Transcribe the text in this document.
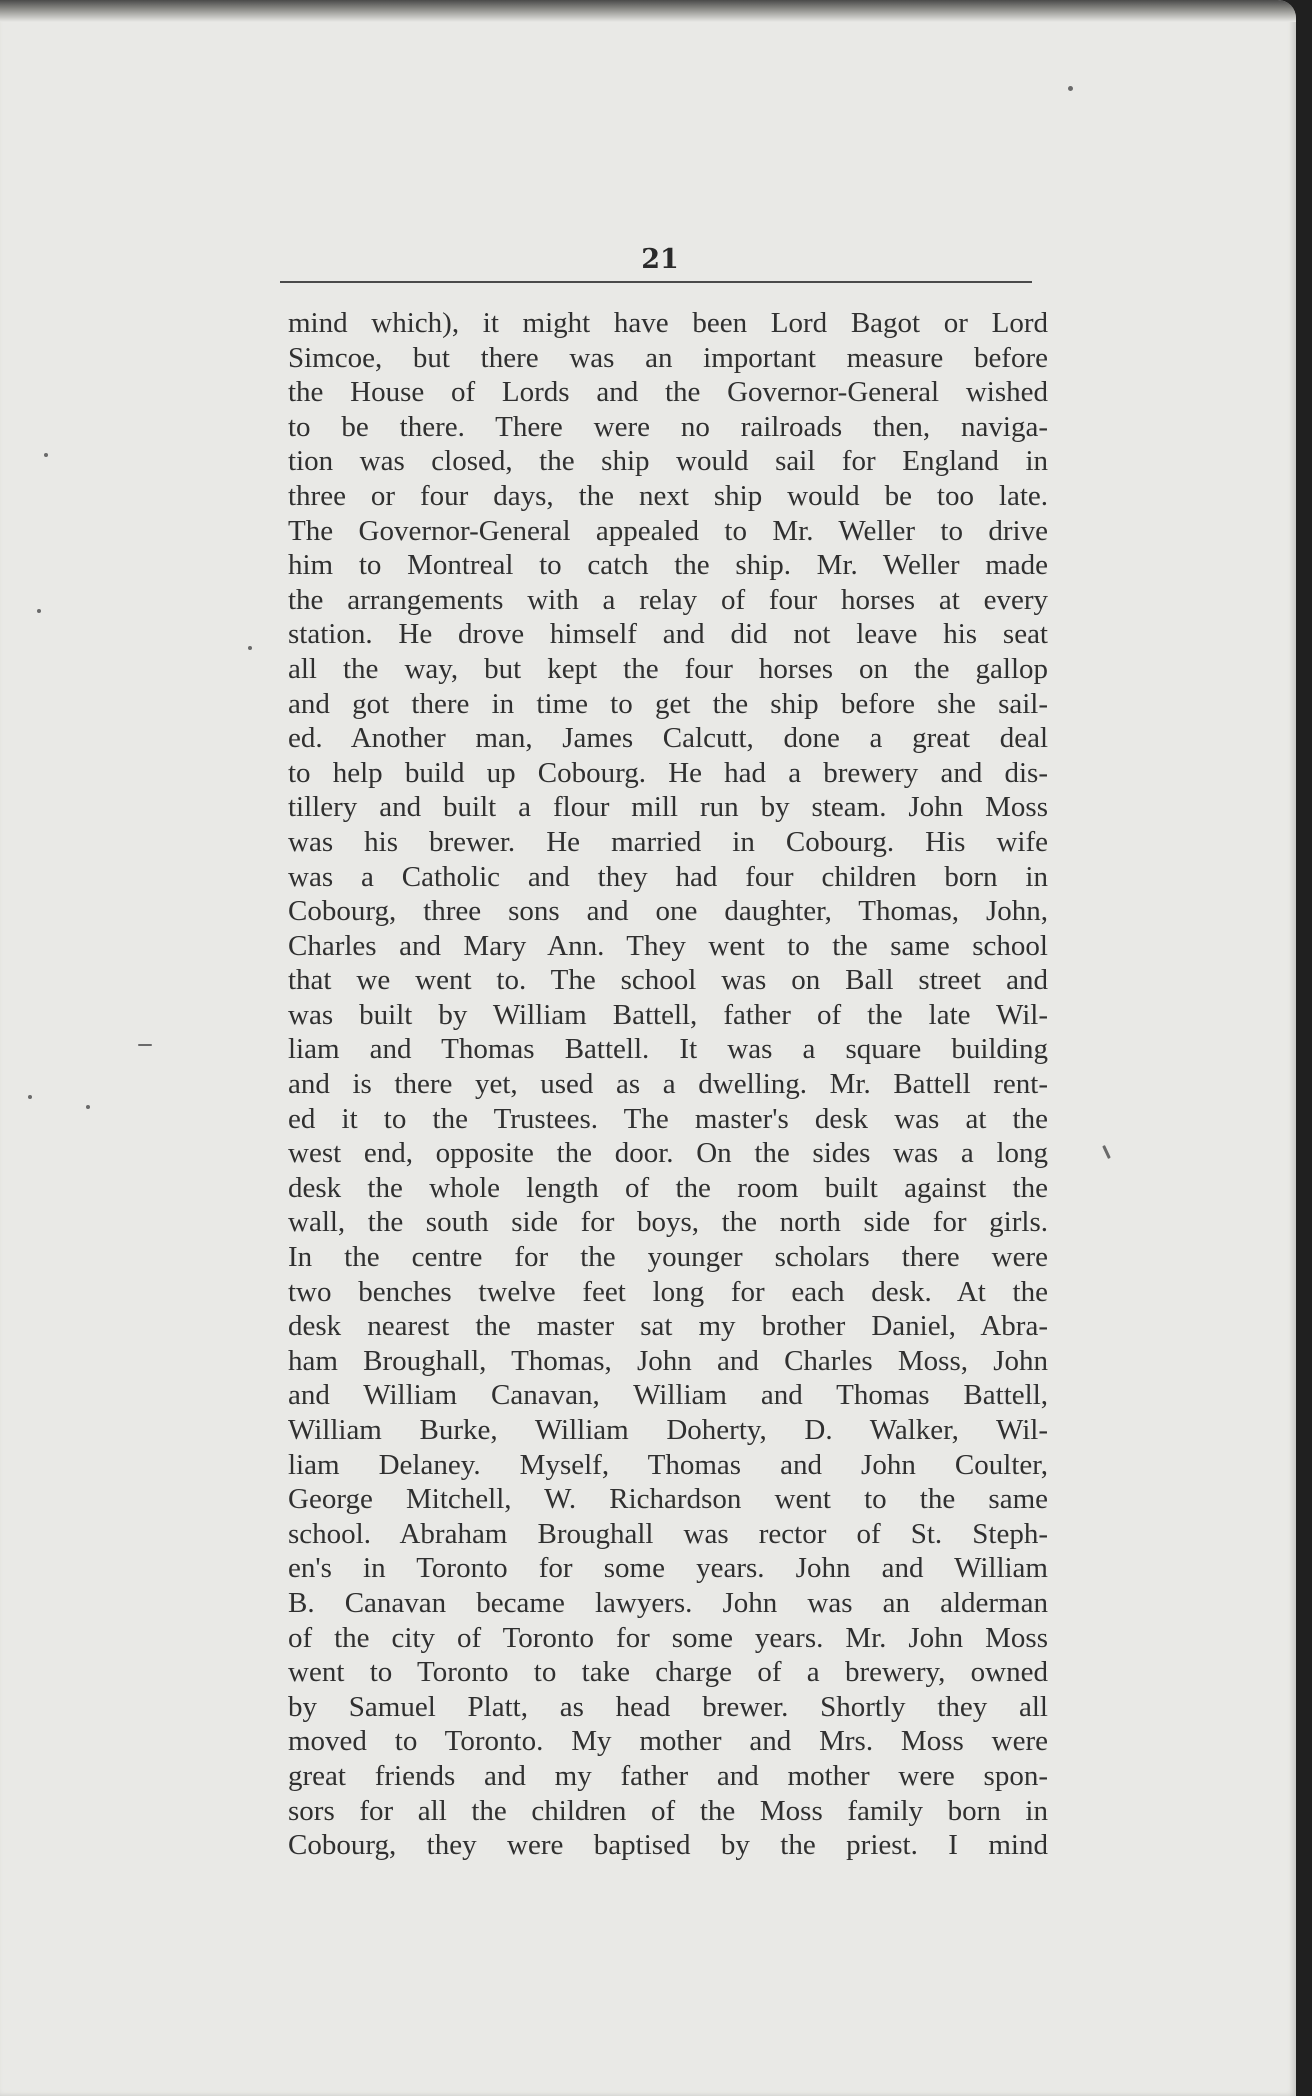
21
mind which), it might have been Lord Bagot or Lord
Simcoe, but there was an important measure before
the House of Lords and the Governor-General wished
to be there. There were no railroads then, naviga-
tion was closed, the ship would sail for England in
three or four days, the next ship would be too late.
The Governor-General appealed to Mr. Weller to drive
him to Montreal to catch the ship. Mr. Weller made
the arrangements with a relay of four horses at every
station. He drove himself and did not leave his seat
all the way, but kept the four horses on the gallop
and got there in time to get the ship before she sail-
ed. Another man, James Calcutt, done a great deal
to help build up Cobourg. He had a brewery and dis-
tillery and built a flour mill run by steam. John Moss
was his brewer. He married in Cobourg. His wife
was a Catholic and they had four children born in
Cobourg, three sons and one daughter, Thomas, John,
Charles and Mary Ann. They went to the same school
that we went to. The school was on Ball street and
was built by William Battell, father of the late Wil-
liam and Thomas Battell. It was a square building
and is there yet, used as a dwelling. Mr. Battell rent-
ed it to the Trustees. The master's desk was at the
west end, opposite the door. On the sides was a long
desk the whole length of the room built against the
wall, the south side for boys, the north side for girls.
In the centre for the younger scholars there were
two benches twelve feet long for each desk. At the
desk nearest the master sat my brother Daniel, Abra-
ham Broughall, Thomas, John and Charles Moss, John
and William Canavan, William and Thomas Battell,
William Burke, William Doherty, D. Walker, Wil-
liam Delaney. Myself, Thomas and John Coulter,
George Mitchell, W. Richardson went to the same
school. Abraham Broughall was rector of St. Steph-
en's in Toronto for some years. John and William
B. Canavan became lawyers. John was an alderman
of the city of Toronto for some years. Mr. John Moss
went to Toronto to take charge of a brewery, owned
by Samuel Platt, as head brewer. Shortly they all
moved to Toronto. My mother and Mrs. Moss were
great friends and my father and mother were spon-
sors for all the children of the Moss family born in
Cobourg, they were baptised by the priest. I mind
